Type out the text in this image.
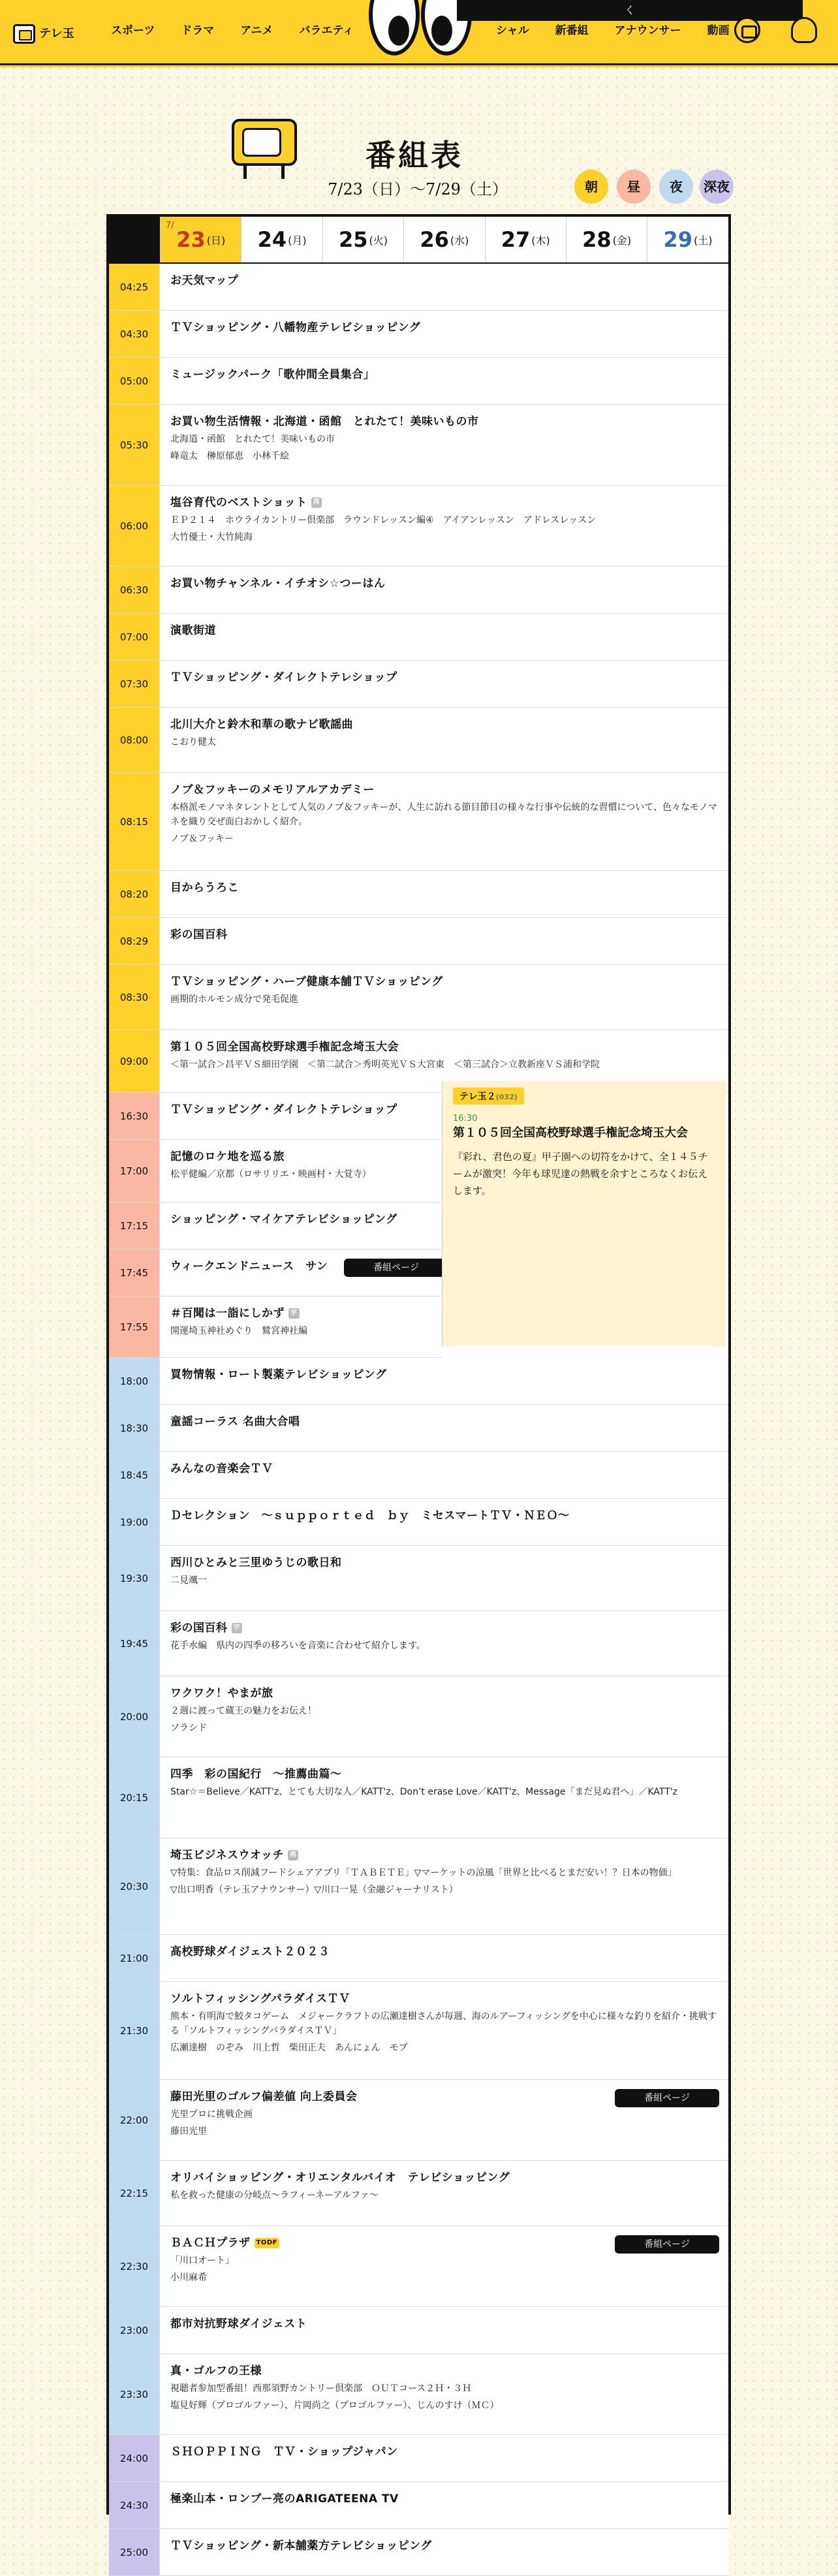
テレ玉	スポーツ	ドラマ	アニメ	バラエティ
く
シャル	新番組	アナウンサー	動画
番組表
7/23（日）〜7/29（土）	朝	昼	夜	深夜
7/
23 (日) 24 (月) 25 (火) 26 (水) 27 (木) 28 (金) 29 (土)
04:25	お天気マップ
04:30	ＴＶショッピング・八幡物産テレビショッピング
05:00	ミュージックパーク「歌仲間全員集合」
05:30
お買い物生活情報・北海道・函館　とれたて！美味いもの市
北海道・函館　とれたて！美味いもの市
峰竜太　榊原郁恵　小林千絵
06:00
塩谷育代のベストショット 再
ＥＰ２１４　ホウライカントリー倶楽部　ラウンドレッスン編④　アイアンレッスン　アドレスレッスン
大竹優士・大竹純海
06:30	お買い物チャンネル・イチオシ☆つーはん
07:00	演歌街道
07:30	ＴＶショッピング・ダイレクトテレショップ
08:00
北川大介と鈴木和華の歌ナビ歌謡曲
こおり健太
08:15
ノブ＆フッキーのメモリアルアカデミー
本格派モノマネタレントとして人気のノブ＆フッキーが、人生に訪れる節目節目の様々な行事や伝統的な習慣について、色々なモノマネを織り交ぜ面白おかしく紹介。
ノブ＆フッキー
08:20	目からうろこ
08:29	彩の国百科
08:30
ＴＶショッピング・ハーブ健康本舗ＴＶショッピング
画期的ホルモン成分で発毛促進
09:00
第１０５回全国高校野球選手権記念埼玉大会
＜第一試合＞昌平ＶＳ細田学園　＜第二試合＞秀明英光ＶＳ大宮東　＜第三試合＞立教新座ＶＳ浦和学院
16:30	ＴＶショッピング・ダイレクトテレショップ
17:00
記憶のロケ地を巡る旅
松平健編／京都（ロサリリエ・映画村・大覚寺）
17:15	ショッピング・マイケアテレビショッピング
17:45	ウィークエンドニュース　サン	番組ページ
17:55
＃百聞は一詣にしかず 字
開運埼玉神社めぐり　鷲宮神社編
18:00	買物情報・ロート製薬テレビショッピング
18:30	童謡コーラス 名曲大合唱
18:45	みんなの音楽会ＴＶ
19:00	Ｄセレクション　～ｓｕｐｐｏｒｔｅｄ　ｂｙ　ミセスマートＴＶ・ＮＥＯ～
19:30
西川ひとみと三里ゆうじの歌日和
二見颯一
19:45
彩の国百科 字
花手水編　県内の四季の移ろいを音楽に合わせて紹介します。
20:00
ワクワク！やまが旅
２週に渡って蔵王の魅力をお伝え！
ソラシド
20:15
四季　彩の国紀行　～推薦曲篇～
Star☆＝Believe／KATT'z、とても大切な人／KATT'z、Don’t erase Love／KATT'z、Message「まだ見ぬ君へ」／KATT'z
20:30
埼玉ビジネスウオッチ 再
▽特集：食品ロス削減フードシェアアプリ「ＴＡＢＥＴＥ」▽マーケットの涼風「世界と比べるとまだ安い！？日本の物価」
▽出口明香（テレ玉アナウンサー）▽川口一晃（金融ジャーナリスト）
21:00	高校野球ダイジェスト２０２３
21:30
ソルトフィッシングパラダイスＴＶ
熊本・有明海で鮫タコゲーム　メジャークラフトの広瀬達樹さんが毎週、海のルアーフィッシングを中心に様々な釣りを紹介・挑戦する「ソルトフィッシングパラダイスＴＶ」
広瀬達樹　のぞみ　川上哲　柴田正夫　あんにょん　モブ
22:00
藤田光里のゴルフ偏差値 向上委員会
光里プロに挑戦企画
藤田光里
番組ページ
22:15
オリバイショッピング・オリエンタルバイオ　テレビショッピング
私を救った健康の分岐点～ラフィーネーアルファ～
22:30
ＢＡＣＨプラザ TODF
「川口オート」
小川麻希
番組ページ
23:00	都市対抗野球ダイジェスト
23:30
真・ゴルフの王様
視聴者参加型番組！西那須野カントリー倶楽部　ＯＵＴコース２Ｈ・３Ｈ
塩見好輝（プロゴルファー）、片岡尚之（プロゴルファー）、じんのすけ（ＭＣ）
24:00	ＳＨＯＰＰＩＮＧ　ＴＶ・ショップジャパン
24:30	極楽山本・ロンブー亮のARIGATEENA TV
25:00	ＴＶショッピング・新本舗薬方テレビショッピング
テレ玉２(032)
16:30
第１０５回全国高校野球選手権記念埼玉大会
『彩れ、君色の夏』甲子園への切符をかけて、全１４５チームが激突！今年も球児達の熱戦を余すところなくお伝えします。
